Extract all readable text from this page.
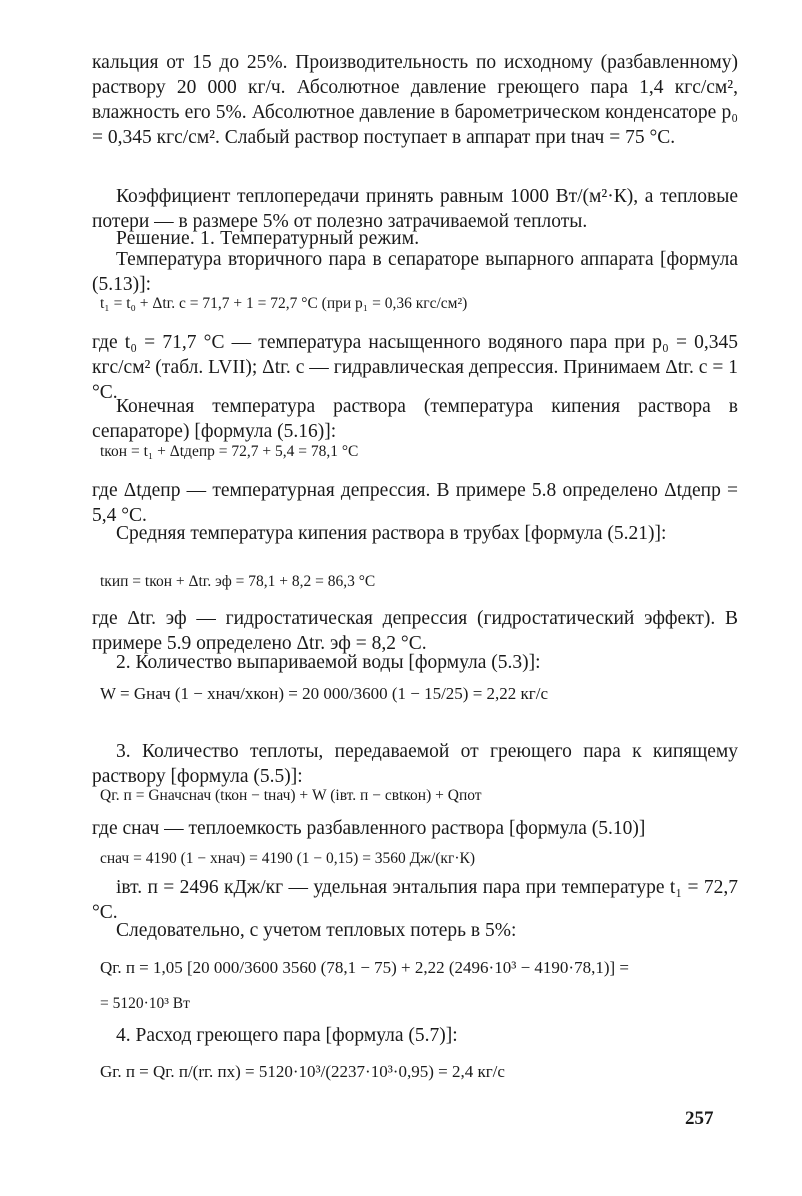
кальция от 15 до 25%. Производительность по исходному (разбавленному) раствору 20 000 кг/ч. Абсолютное давление греющего пара 1,4 кгс/см², влажность его 5%. Абсолютное давление в барометрическом конденсаторе p₀ = 0,345 кгс/см². Слабый раствор поступает в аппарат при tнач = 75 °C.

Коэффициент теплопередачи принять равным 1000 Вт/(м²·К), а тепловые потери — в размере 5% от полезно затрачиваемой теплоты.

Решение. 1. Температурный режим.

Температура вторичного пара в сепараторе выпарного аппарата [формула (5.13)]:

t₁ = t₀ + Δtг. с = 71,7 + 1 = 72,7 °C (при p₁ = 0,36 кгс/см²)

где t₀ = 71,7 °C — температура насыщенного водяного пара при p₀ = 0,345 кгс/см² (табл. LVII); Δtг. с — гидравлическая депрессия. Принимаем Δtг. с = 1 °C.

Конечная температура раствора (температура кипения раствора в сепараторе) [формула (5.16)]:

tкон = t₁ + Δtдепр = 72,7 + 5,4 = 78,1 °C

где Δtдепр — температурная депрессия. В примере 5.8 определено Δtдепр = 5,4 °C.

Средняя температура кипения раствора в трубах [формула (5.21)]:

tкип = tкон + Δtг. эф = 78,1 + 8,2 = 86,3 °C

где Δtг. эф — гидростатическая депрессия (гидростатический эффект). В примере 5.9 определено Δtг. эф = 8,2 °C.

2. Количество выпариваемой воды [формула (5.3)]:

W = Gнач (1 − xнач/xкон) = 20 000/3600 (1 − 15/25) = 2,22 кг/с

3. Количество теплоты, передаваемой от греющего пара к кипящему раствору [формула (5.5)]:

Qг. п = Gначcнач (tкон − tнач) + W (iвт. п − cвtкон) + Qпот

где cнач — теплоемкость разбавленного раствора [формула (5.10)]

cнач = 4190 (1 − xнач) = 4190 (1 − 0,15) = 3560 Дж/(кг·К)

iвт. п = 2496 кДж/кг — удельная энтальпия пара при температуре t₁ = 72,7 °C.

Следовательно, с учетом тепловых потерь в 5%:

Qг. п = 1,05 [20 000/3600 3560 (78,1 − 75) + 2,22 (2496·10³ − 4190·78,1)] =

= 5120·10³ Вт

4. Расход греющего пара [формула (5.7)]:

Gг. п = Qг. п/(rг. пx) = 5120·10³/(2237·10³·0,95) = 2,4 кг/с

257
